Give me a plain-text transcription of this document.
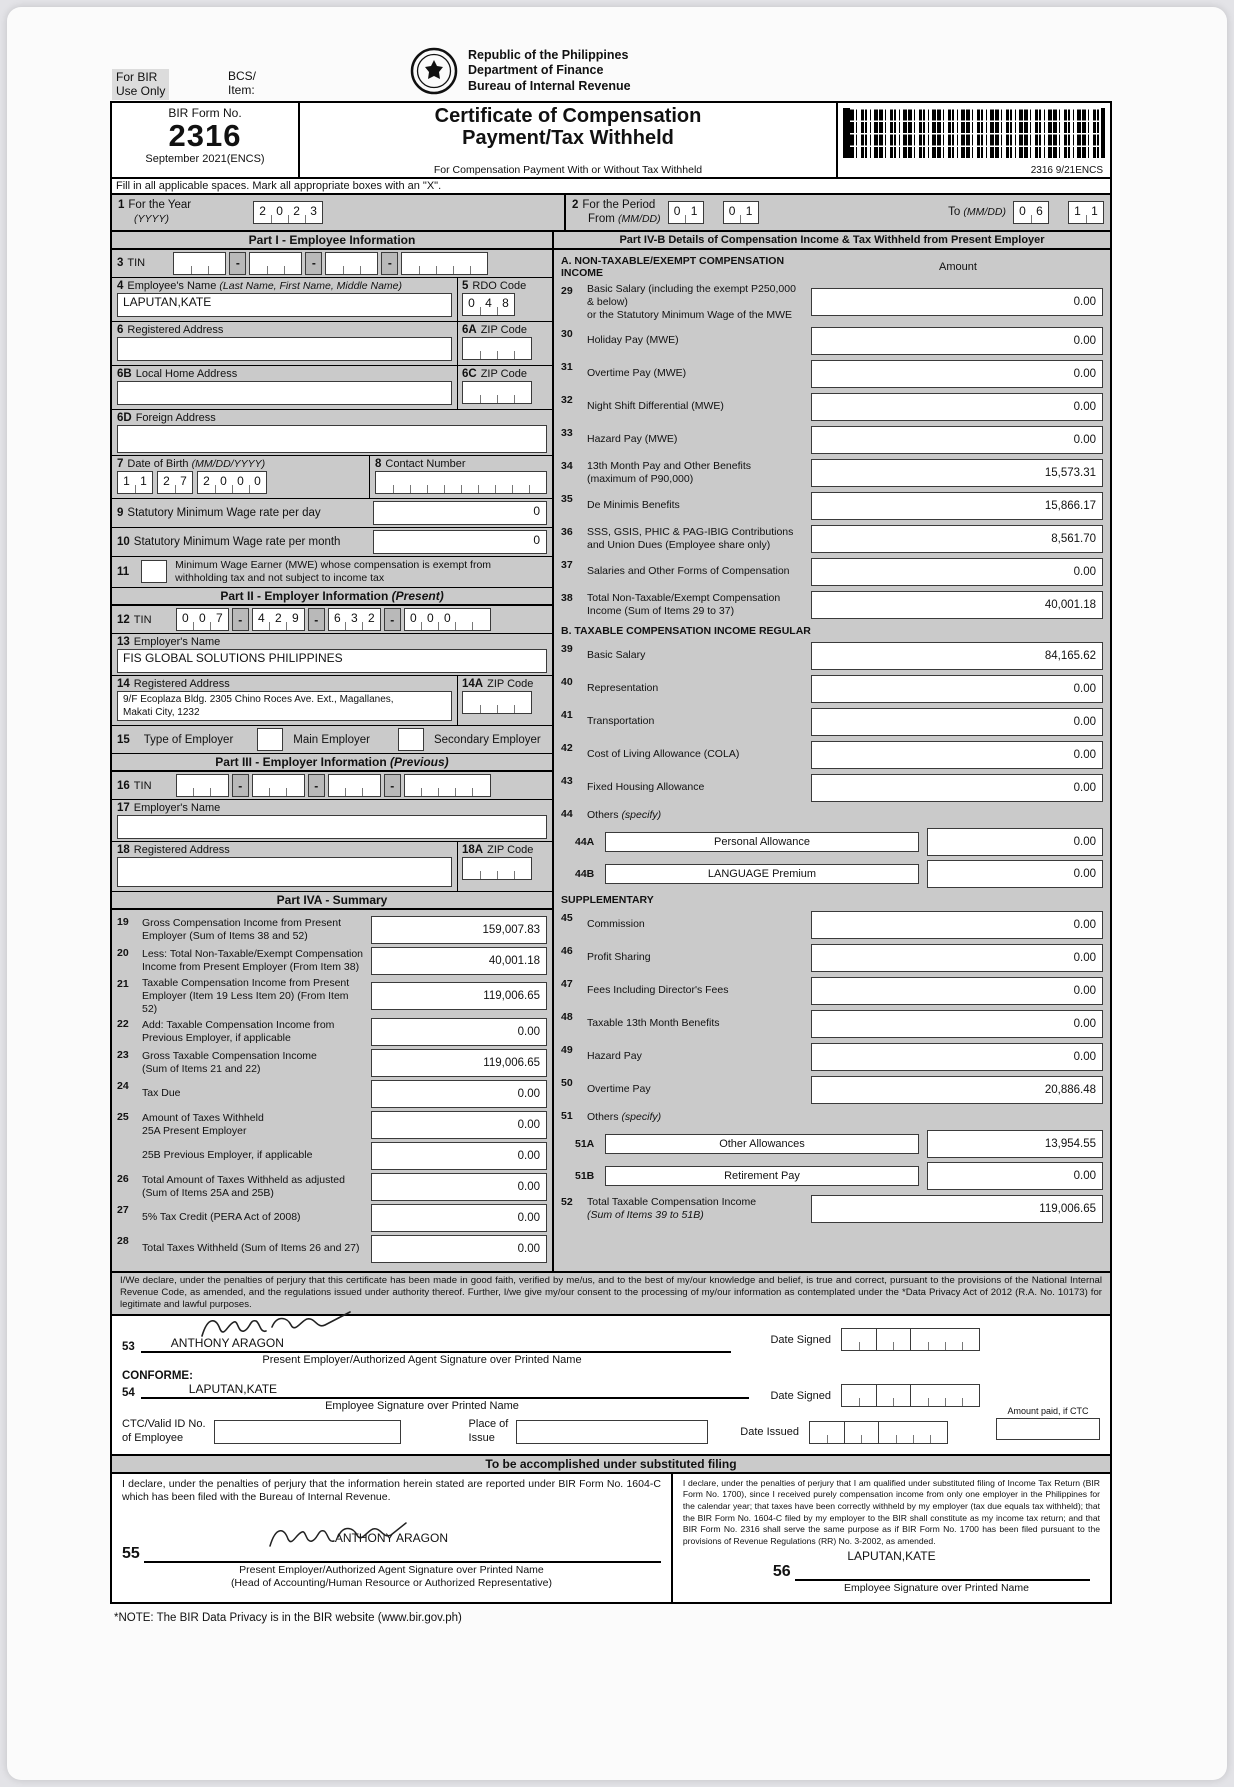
For BIR
Use Only
BCS/
Item:
Republic of the Philippines
Department of Finance
Bureau of Internal Revenue
BIR Form No.
2316
September 2021(ENCS)
Certificate of Compensation
Payment/Tax Withheld
For Compensation Payment With or Without Tax Withheld	2316 9/21ENCS
Fill in all applicable spaces. Mark all appropriate boxes with an "X".
1 For the Year
(YYYY)
2 0 2 3	2 For the Period
From (MM/DD)
0 1	0 1	To (MM/DD)	0 6	1 1
Part I - Employee Information
3 TIN	-	-	-
4 Employee's Name (Last Name, First Name, Middle Name)
LAPUTAN,KATE
5 RDO Code
0 4 8
6 Registered Address	6A ZIP Code
6B Local Home Address	6C ZIP Code
6D Foreign Address
7 Date of Birth (MM/DD/YYYY)
1 1	2 7	2 0 0 0
8 Contact Number
9 Statutory Minimum Wage rate per day	0
10 Statutory Minimum Wage rate per month	0
11
Minimum Wage Earner (MWE) whose compensation is exempt from
withholding tax and not subject to income tax
Part II - Employer Information (Present)
12 TIN	0 0 7	-	4 2 9	-	6 3 2	-	0 0 0
13 Employer's Name
FIS GLOBAL SOLUTIONS PHILIPPINES
14 Registered Address
9/F Ecoplaza Bldg. 2305 Chino Roces Ave. Ext., Magallanes,
Makati City, 1232
14A ZIP Code
15 Type of Employer	Main Employer	Secondary Employer
Part III - Employer Information (Previous)
16 TIN	-	-	-
17 Employer's Name
18 Registered Address	18A ZIP Code
Part IVA - Summary
19	Gross Compensation Income from Present
Employer (Sum of Items 38 and 52)	159,007.83
20	Less: Total Non-Taxable/Exempt Compensation
Income from Present Employer (From Item 38)	40,001.18
21	Taxable Compensation Income from Present
Employer (Item 19 Less Item 20) (From Item 52)
119,006.65
22	Add: Taxable Compensation Income from
Previous Employer, if applicable	0.00
23	Gross Taxable Compensation Income
(Sum of Items 21 and 22)	119,006.65
24
Tax Due	0.00
25	Amount of Taxes Withheld
25A Present Employer	0.00
25B Previous Employer, if applicable	0.00
26	Total Amount of Taxes Withheld as adjusted
(Sum of Items 25A and 25B)	0.00
27
5% Tax Credit (PERA Act of 2008)	0.00
28
Total Taxes Withheld (Sum of Items 26 and 27)	0.00
Part IV-B Details of Compensation Income & Tax Withheld from Present Employer
A. NON-TAXABLE/EXEMPT COMPENSATION INCOME	Amount
29	Basic Salary (including the exempt P250,000 & below)
or the Statutory Minimum Wage of the MWE
0.00
30	Holiday Pay (MWE)	0.00
31	Overtime Pay (MWE)	0.00
32	Night Shift Differential (MWE)	0.00
33	Hazard Pay (MWE)	0.00
34	13th Month Pay and Other Benefits
(maximum of P90,000)	15,573.31
35	De Minimis Benefits	15,866.17
36	SSS, GSIS, PHIC & PAG-IBIG Contributions
and Union Dues (Employee share only)	8,561.70
37	Salaries and Other Forms of Compensation	0.00
38	Total Non-Taxable/Exempt Compensation
Income (Sum of Items 29 to 37)	40,001.18
B. TAXABLE COMPENSATION INCOME REGULAR
39	Basic Salary	84,165.62
40	Representation	0.00
41	Transportation	0.00
42	Cost of Living Allowance (COLA)	0.00
43	Fixed Housing Allowance	0.00
44	Others (specify)
44A	Personal Allowance	0.00
44B	LANGUAGE Premium	0.00
SUPPLEMENTARY
45	Commission	0.00
46	Profit Sharing	0.00
47	Fees Including Director's Fees	0.00
48	Taxable 13th Month Benefits	0.00
49	Hazard Pay	0.00
50	Overtime Pay	20,886.48
51	Others (specify)
51A	Other Allowances	13,954.55
51B	Retirement Pay	0.00
52	Total Taxable Compensation Income
(Sum of Items 39 to 51B)	119,006.65
I/We declare, under the penalties of perjury that this certificate has been made in good faith, verified by me/us, and to the best of my/our knowledge and belief, is true and correct, pursuant to the provisions of the National Internal Revenue Code, as amended, and the regulations issued under authority thereof. Further, I/we give my/our consent to the processing of my/our information as contemplated under the *Data Privacy Act of 2012 (R.A. No. 10173) for legitimate and lawful purposes.
53	ANTHONY ARAGON
Present Employer/Authorized Agent Signature over Printed Name
Date Signed
CONFORME:
54	LAPUTAN,KATE
Employee Signature over Printed Name
Date Signed
CTC/Valid ID No.
of Employee
Place of
Issue	Date Issued
Amount paid, if CTC
To be accomplished under substituted filing
I declare, under the penalties of perjury that the information herein stated are reported under BIR Form No. 1604-C which has been filed with the Bureau of Internal Revenue.
ANTHONY ARAGON
55
Present Employer/Authorized Agent Signature over Printed Name
(Head of Accounting/Human Resource or Authorized Representative)
I declare, under the penalties of perjury that I am qualified under substituted filing of Income Tax Return (BIR Form No. 1700), since I received purely compensation income from only one employer in the Philippines for the calendar year; that taxes have been correctly withheld by my employer (tax due equals tax withheld); that the BIR Form No. 1604-C filed by my employer to the BIR shall constitute as my income tax return; and that BIR Form No. 2316 shall serve the same purpose as if BIR Form No. 1700 has been filed pursuant to the provisions of Revenue Regulations (RR) No. 3-2002, as amended.
LAPUTAN,KATE
56
Employee Signature over Printed Name
*NOTE: The BIR Data Privacy is in the BIR website (www.bir.gov.ph)
